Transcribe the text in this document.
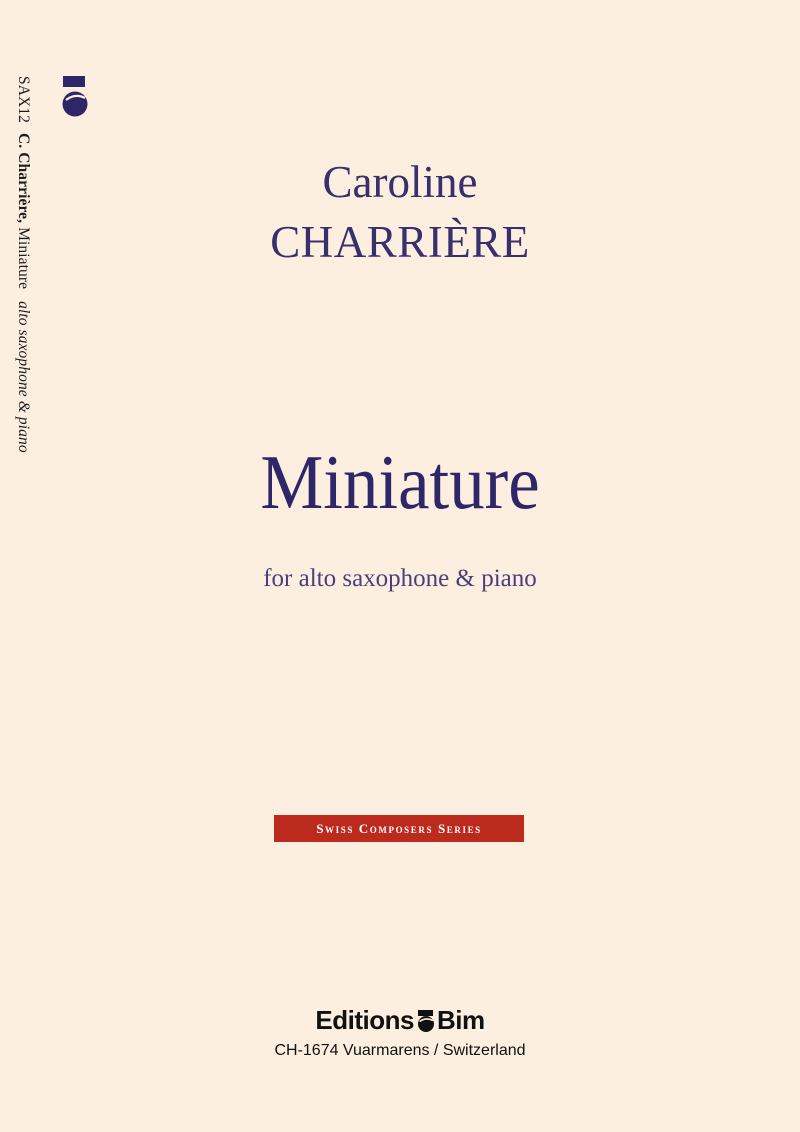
SAX12 C. Charrière, Miniature alto saxophone & piano
Caroline
CHARRIÈRE
Miniature
for alto saxophone & piano
Swiss Composers Series
Editions Bim
CH-1674 Vuarmarens / Switzerland
